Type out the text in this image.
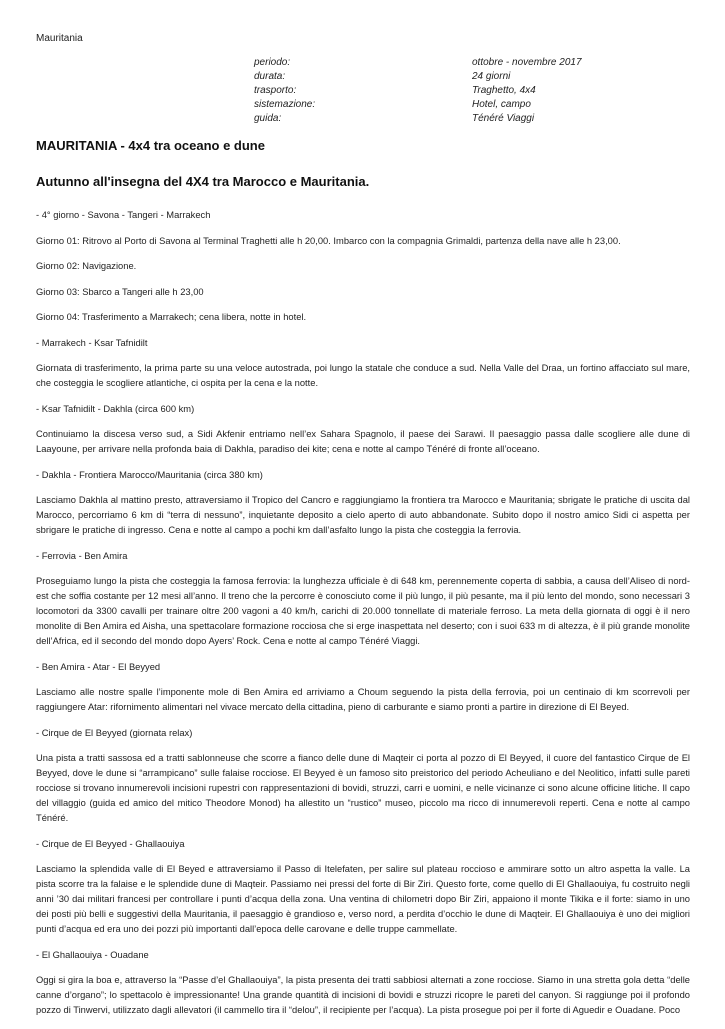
Mauritania
periodo:	ottobre - novembre 2017
durata:	24 giorni
trasporto:	Traghetto, 4x4
sistemazione:	Hotel, campo
guida:	Ténéré Viaggi
MAURITANIA - 4x4 tra oceano e dune
Autunno all'insegna del 4X4 tra Marocco e Mauritania.

- 4° giorno - Savona - Tangeri - Marrakech

Giorno 01: Ritrovo al Porto di Savona al Terminal Traghetti alle h 20,00. Imbarco con la compagnia Grimaldi, partenza della nave alle h 23,00.

Giorno 02: Navigazione.

Giorno 03: Sbarco a Tangeri alle h 23,00

Giorno 04: Trasferimento a Marrakech; cena libera, notte in hotel.

- Marrakech - Ksar Tafnidilt

Giornata di trasferimento, la prima parte su una veloce autostrada, poi lungo la statale che conduce a sud. Nella Valle del Draa, un fortino affacciato sul mare, che costeggia le scogliere atlantiche, ci ospita per la cena e la notte.

- Ksar Tafnidilt - Dakhla (circa 600 km)

Continuiamo la discesa verso sud, a Sidi Akfenir entriamo nell’ex Sahara Spagnolo, il paese dei Sarawi. Il paesaggio passa dalle scogliere alle dune di Laayoune, per arrivare nella profonda baia di Dakhla, paradiso dei kite; cena e notte al campo Ténéré di fronte all’oceano.

- Dakhla - Frontiera Marocco/Mauritania (circa 380 km)

Lasciamo Dakhla al mattino presto, attraversiamo il Tropico del Cancro e raggiungiamo la frontiera tra Marocco e Mauritania; sbrigate le pratiche di uscita dal Marocco, percorriamo 6 km di “terra di nessuno”, inquietante deposito a cielo aperto di auto abbandonate. Subito dopo il nostro amico Sidi ci aspetta per sbrigare le pratiche di ingresso. Cena e notte al campo a pochi km dall’asfalto lungo la pista che costeggia la ferrovia.

- Ferrovia - Ben Amira

Proseguiamo lungo la pista che costeggia la famosa ferrovia: la lunghezza ufficiale è di 648 km, perennemente coperta di sabbia, a causa dell’Aliseo di nord-est che soffia costante per 12 mesi all’anno. Il treno che la percorre è conosciuto come il più lungo, il più pesante, ma il più lento del mondo, sono necessari 3 locomotori da 3300 cavalli per trainare oltre 200 vagoni a 40 km/h, carichi di 20.000 tonnellate di materiale ferroso. La meta della giornata di oggi è il nero monolite di Ben Amira ed Aisha, una spettacolare formazione rocciosa che si erge inaspettata nel deserto; con i suoi 633 m di altezza, è il più grande monolite dell’Africa, ed il secondo del mondo dopo Ayers’ Rock. Cena e notte al campo Ténéré Viaggi.

- Ben Amira - Atar - El Beyyed

Lasciamo alle nostre spalle l’imponente mole di Ben Amira ed arriviamo a Choum seguendo la pista della ferrovia, poi un centinaio di km scorrevoli per raggiungere Atar: rifornimento alimentari nel vivace mercato della cittadina, pieno di carburante e siamo pronti a partire in direzione di El Beyed.

- Cirque de El Beyyed (giornata relax)

Una pista a tratti sassosa ed a tratti sablonneuse che scorre a fianco delle dune di Maqteir ci porta al pozzo di El Beyyed, il cuore del fantastico Cirque de El Beyyed, dove le dune si “arrampicano” sulle falaise rocciose. El Beyyed è un famoso sito preistorico del periodo Acheuliano e del Neolitico, infatti sulle pareti rocciose si trovano innumerevoli incisioni rupestri con rappresentazioni di bovidi, struzzi, carri e uomini, e nelle vicinanze ci sono alcune officine litiche. Il capo del villaggio (guida ed amico del mitico Theodore Monod) ha allestito un “rustico” museo, piccolo ma ricco di innumerevoli reperti. Cena e notte al campo Ténéré.

- Cirque de El Beyyed - Ghallaouiya

Lasciamo la splendida valle di El Beyed e attraversiamo il Passo di Itelefaten, per salire sul plateau roccioso e ammirare sotto un altro aspetta la valle. La pista scorre tra la falaise e le splendide dune di Maqteir. Passiamo nei pressi del forte di Bir Ziri. Questo forte, come quello di El Ghallaouiya, fu costruito negli anni ’30 dai militari francesi per controllare i punti d’acqua della zona. Una ventina di chilometri dopo Bir Ziri, appaiono il monte Tikika e il forte: siamo in uno dei posti più belli e suggestivi della Mauritania, il paesaggio è grandioso e, verso nord, a perdita d’occhio le dune di Maqteir. El Ghallaouiya è uno dei migliori punti d’acqua ed era uno dei pozzi più importanti dall’epoca delle carovane e delle truppe cammellate.

- El Ghallaouiya - Ouadane

Oggi si gira la boa e, attraverso la “Passe d’el Ghallaouiya”, la pista presenta dei tratti sabbiosi alternati a zone rocciose. Siamo in una stretta gola detta “delle canne d’organo”; lo spettacolo è impressionante! Una grande quantità di incisioni di bovidi e struzzi ricopre le pareti del canyon. Si raggiunge poi il profondo pozzo di Tinwervi, utilizzato dagli allevatori (il cammello tira il “delou”, il recipiente per l’acqua). La pista prosegue poi per il forte di Aguedir e Ouadane. Poco
